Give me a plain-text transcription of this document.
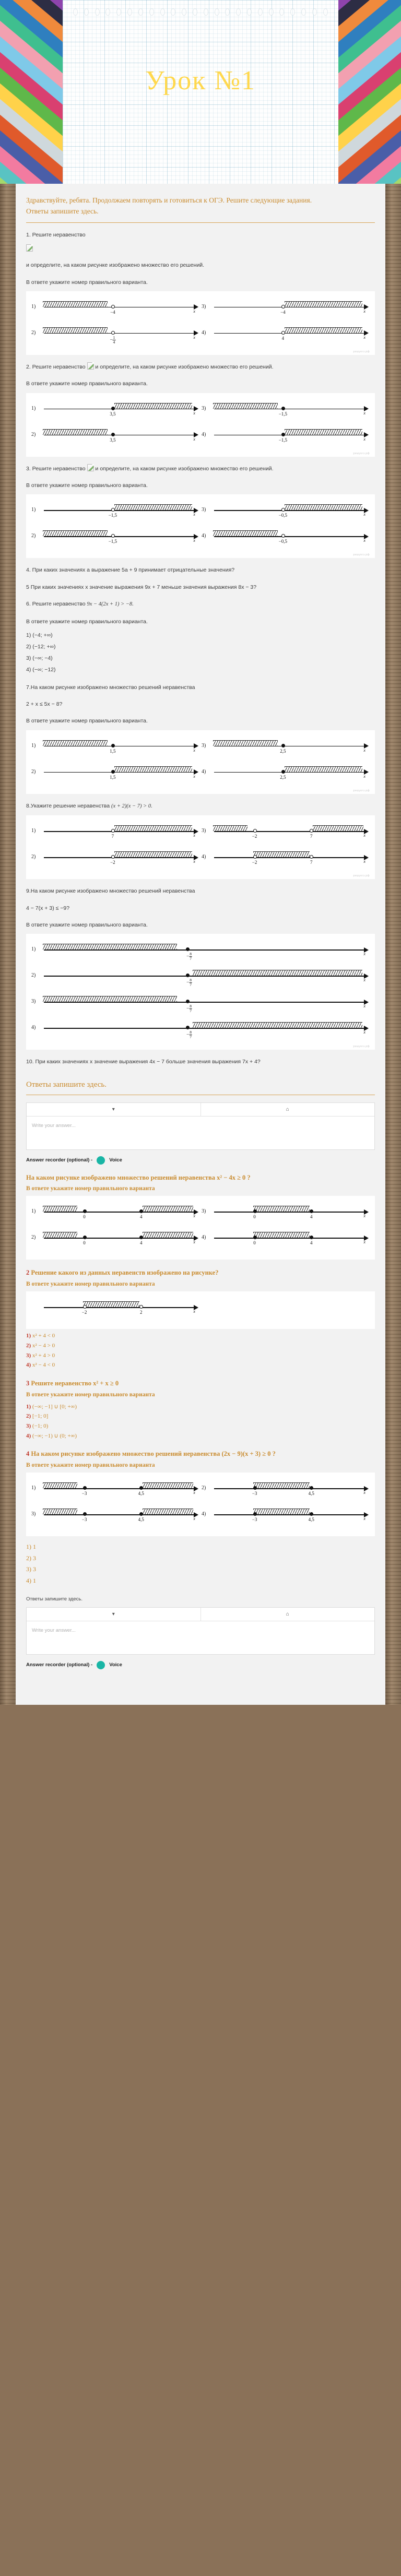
Урок №1
Здравствуйте, ребята. Продолжаем повторять и готовиться к ОГЭ. Решите следующие задания.
Ответы запишите здесь.
1. Решите неравенство
и определите, на каком рисунке изображено множество его решений.
В ответе укажите номер правильного варианта.
1)
−4	x
3)
−4	x
2)
− 1
4
x
4)
4	x
решуогэ.рф
2. Решите неравенство и определите, на каком рисунке изображено множество его решений.
В ответе укажите номер правильного варианта.
1)
3,5	x
3)
−1,5	x
2)
3,5	x
4)
−1,5	x
решуогэ.рф
3. Решите неравенство и определите, на каком рисунке изображено множество его решений.
В ответе укажите номер правильного варианта.
1)
−1,5	x
3)
−0,5	x
2)
−1,5	x
4)
−0,5	x
решуогэ.рф
4. При каких значениях a выражение 5a + 9 принимает отрицательные значения?
5 При каких значениях x значение выражения 9x + 7 меньше значения выражения 8x − 3?
6. Решите неравенство 9x − 4(2x + 1) > −8.
В ответе укажите номер правильного варианта.
1) (−4; +∞)
2) (−12; +∞)
3) (−∞; −4)
4) (−∞; −12)
7.На каком рисунке изображено множество решений неравенства
2 + x ≤ 5x − 8?
В ответе укажите номер правильного варианта.
1)
1,5	x
3)
2,5	x
2)
1,5	x
4)
2,5	x
решуогэ.рф
8.Укажите решение неравенства (x + 2)(x − 7) > 0.
1)
7	x
3)
−2	7	x
2)
−2	x
4)
−2	7	x
решуогэ.рф
9.На каком рисунке изображено множество решений неравенства
4 − 7(x + 3) ≤ −9?
В ответе укажите номер правильного варианта.
1)
− 8
7
x
2)
− 8
7
x
3)
− 8
7
x
4)
− 8
7
x
решуогэ.рф
10. При каких значениях x значение выражения 4x − 7 больше значения выражения 7x + 4?
Ответы запишите здесь.
▾	⌂
Write your answer...
Answer recorder (optional) -	Voice
На каком рисунке изображено множество решений неравенства x² − 4x ≥ 0 ?
В ответе укажите номер правильного варианта
1)
0	4	x
3)
0	4	x
2)
0	4	x
4)
0	4	x
2 Решение какого из данных неравенств изображено на рисунке?
В ответе укажите номер правильного варианта
−2	2	x
1) x² + 4 < 0
2) x² − 4 > 0
3) x² + 4 > 0
4) x² − 4 < 0
3 Решите неравенство x² + x ≥ 0
В ответе укажите номер правильного варианта
1) (−∞; −1] ∪ [0; +∞)
2) [−1; 0]
3) (−1; 0)
4) (−∞; −1) ∪ (0; +∞)
4 На каком рисунке изображено множество решений неравенства (2x − 9)(x + 3) ≥ 0 ?
В ответе укажите номер правильного варианта
1)
−3	4,5	x
2)
−3	4,5	x
3)
−3	4,5	x
4)
−3	4,5	x
1) 1
2) 3
3) 3
4) 1
Ответы запишите здесь.
▾	⌂
Write your answer...
Answer recorder (optional) -	Voice
